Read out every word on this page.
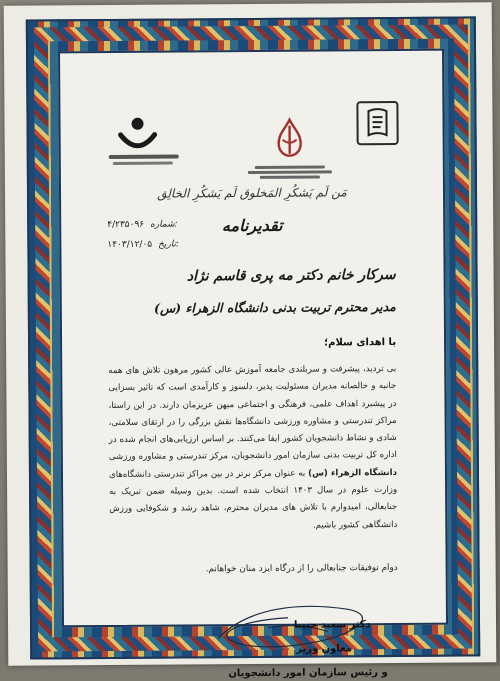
مَن لَم يَشكُرِ المَخلوق لَم يَشكُرِ الخالِق
۴/۲۳۵۰۹۶ شماره:
۱۴۰۳/۱۲/۰۵ تاریخ:
تقدیرنامه
سرکار خانم دکتر مه پری قاسم نژاد
مدیر محترم تربیت بدنی دانشگاه الزهراء (س)
با اهدای سلام؛
بی تردید، پیشرفت و سربلندی جامعه آموزش عالی کشور مرهون تلاش های همه جانبه و خالصانه مدیران مسئولیت پذیر، دلسوز و کارآمدی است که تاثیر بسزایی در پیشبرد اهداف علمی، فرهنگی و اجتماعی میهن عزیزمان دارند. در این راستا، مراکز تندرستی و مشاوره ورزشی دانشگاه‌ها نقش بزرگی را در ارتقای سلامتی، شادی و نشاط دانشجویان کشور ایفا می‌کنند. بر اساس ارزیابی‌های انجام شده در اداره کل تربیت بدنی سازمان امور دانشجویان، مرکز تندرستی و مشاوره ورزشی دانشگاه الزهراء (س) به عنوان مرکز برتر در بین مراکز تندرستی دانشگاه‌های وزارت علوم در سال ۱۴۰۳ انتخاب شده است. بدین وسیله ضمن تبریک به جنابعالی، امیدوارم با تلاش های مدیران محترم، شاهد رشد و شکوفایی ورزش دانشگاهی کشور باشیم.
دوام توفیقات جنابعالی را از درگاه ایزد منان خواهانم.
دکتر سعید حبیبا
معاون وزیر
و رئیس سازمان امور دانشجویان
